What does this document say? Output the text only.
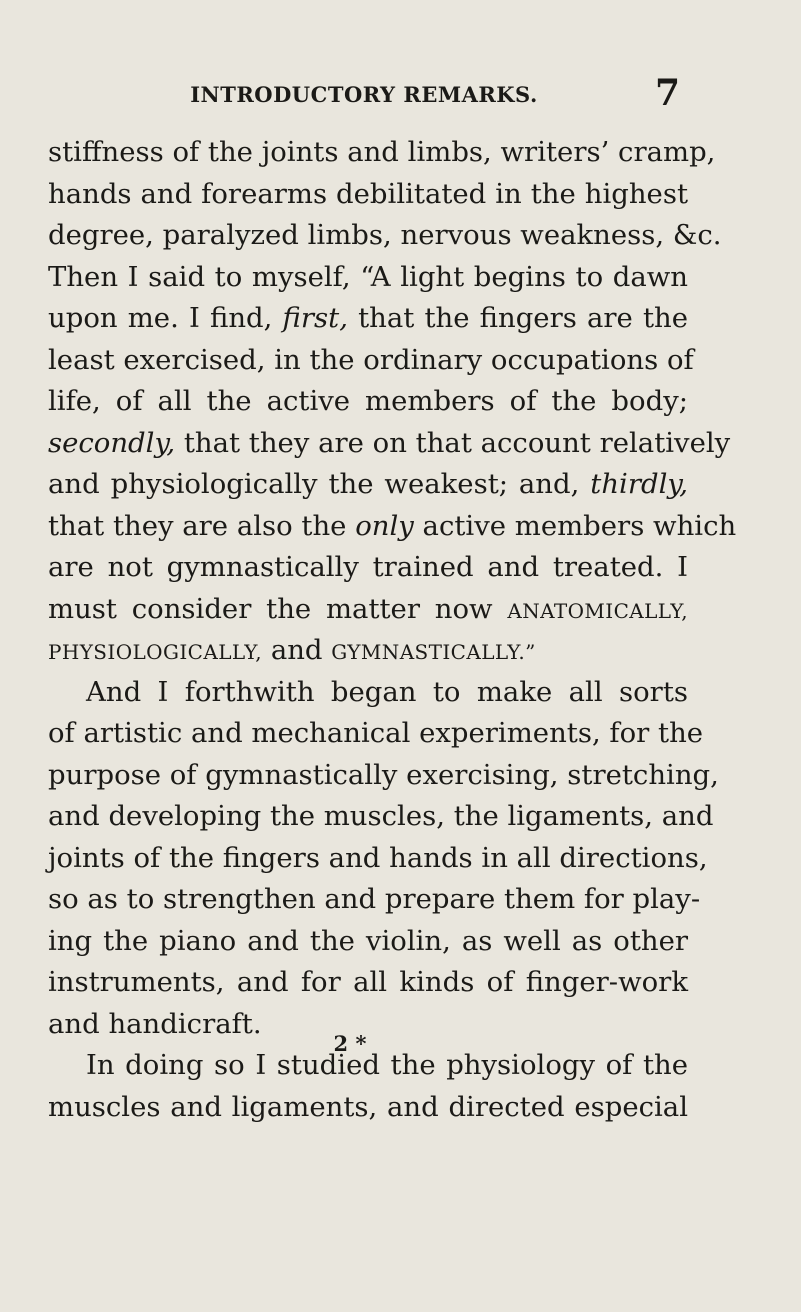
INTRODUCTORY REMARKS.	7
stiffness of the joints and limbs, writers’ cramp,
hands and forearms debilitated in the highest
degree, paralyzed limbs, nervous weakness, &c.
Then I said to myself, “A light begins to dawn
upon me. I find, first, that the fingers are the
least exercised, in the ordinary occupations of
life, of all the active members of the body;
secondly, that they are on that account relatively
and physiologically the weakest; and, thirdly,
that they are also the only active members which
are not gymnastically trained and treated. I
must consider the matter now ANATOMICALLY,
PHYSIOLOGICALLY, and GYMNASTICALLY.”
And I forthwith began to make all sorts
of artistic and mechanical experiments, for the
purpose of gymnastically exercising, stretching,
and developing the muscles, the ligaments, and
joints of the fingers and hands in all directions,
so as to strengthen and prepare them for play-
ing the piano and the violin, as well as other
instruments, and for all kinds of finger-work
and handicraft.
In doing so I studied the physiology of the
muscles and ligaments, and directed especial
2 *
